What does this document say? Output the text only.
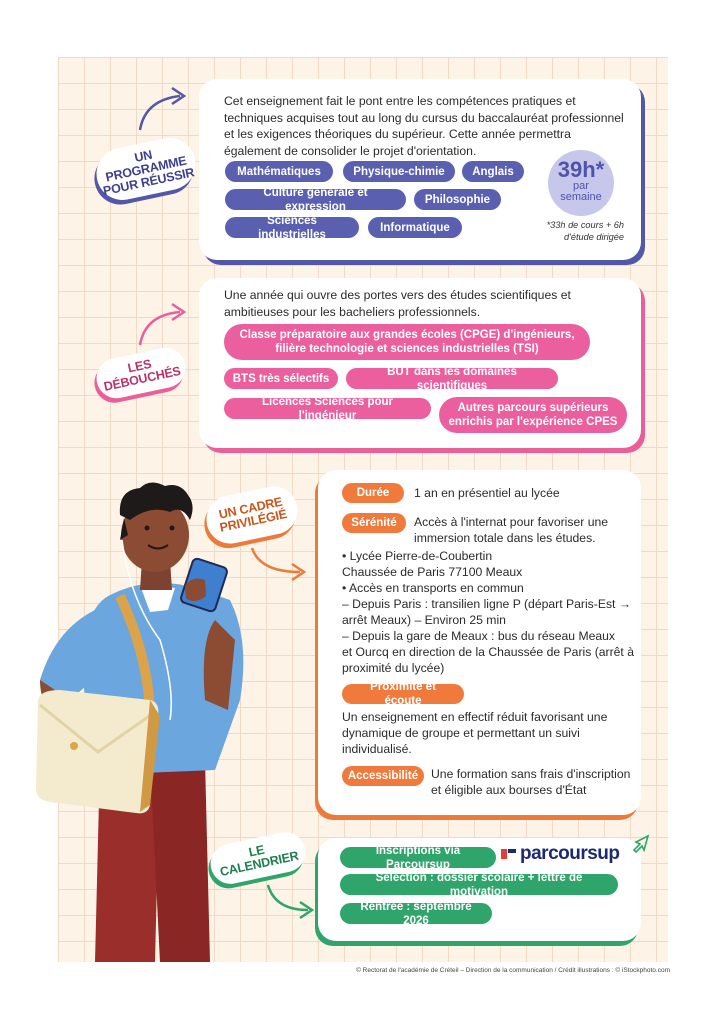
UN PROGRAMME POUR RÉUSSIR

Cet enseignement fait le pont entre les compétences pratiques et techniques acquises tout au long du cursus du baccalauréat professionnel et les exigences théoriques du supérieur. Cette année permettra également de consolider le projet d'orientation.

Mathématiques	Physique-chimie	Anglais
Culture générale et expression
Philosophie
Sciences industrielles
Informatique
39h*
par
semaine

*33h de cours + 6h d'étude dirigée

LES DÉBOUCHÉS

Une année qui ouvre des portes vers des études scientifiques et ambitieuses pour les bacheliers professionnels.

Classe préparatoire aux grandes écoles (CPGE) d'ingénieurs, filière technologie et sciences industrielles (TSI)
BTS très sélectifs
BUT dans les domaines scientifiques
Licences Sciences pour l'ingénieur
Autres parcours supérieurs enrichis par l'expérience CPES
UN CADRE PRIVILÉGIÉ
Durée	1 an en présentiel au lycée

Sérénité	Accès à l'internat pour favoriser une immersion totale dans les études.

• Lycée Pierre-de-Coubertin
Chaussée de Paris 77100 Meaux
• Accès en transports en commun
– Depuis Paris : transilien ligne P (départ Paris-Est →
arrêt Meaux) – Environ 25 min
– Depuis la gare de Meaux : bus du réseau Meaux
et Ourcq en direction de la Chaussée de Paris (arrêt à
proximité du lycée)
Proximité et écoute

Un enseignement en effectif réduit favorisant une dynamique de groupe et permettant un suivi individualisé.

Accessibilité	Une formation sans frais d'inscription et éligible aux bourses d'État

LE CALENDRIER	Inscriptions via Parcoursup
Sélection : dossier scolaire + lettre de motivation
Rentrée : septembre 2026
parcoursup
© Rectorat de l'académie de Créteil – Direction de la communication / Crédit illustrations : © iStockphoto.com
